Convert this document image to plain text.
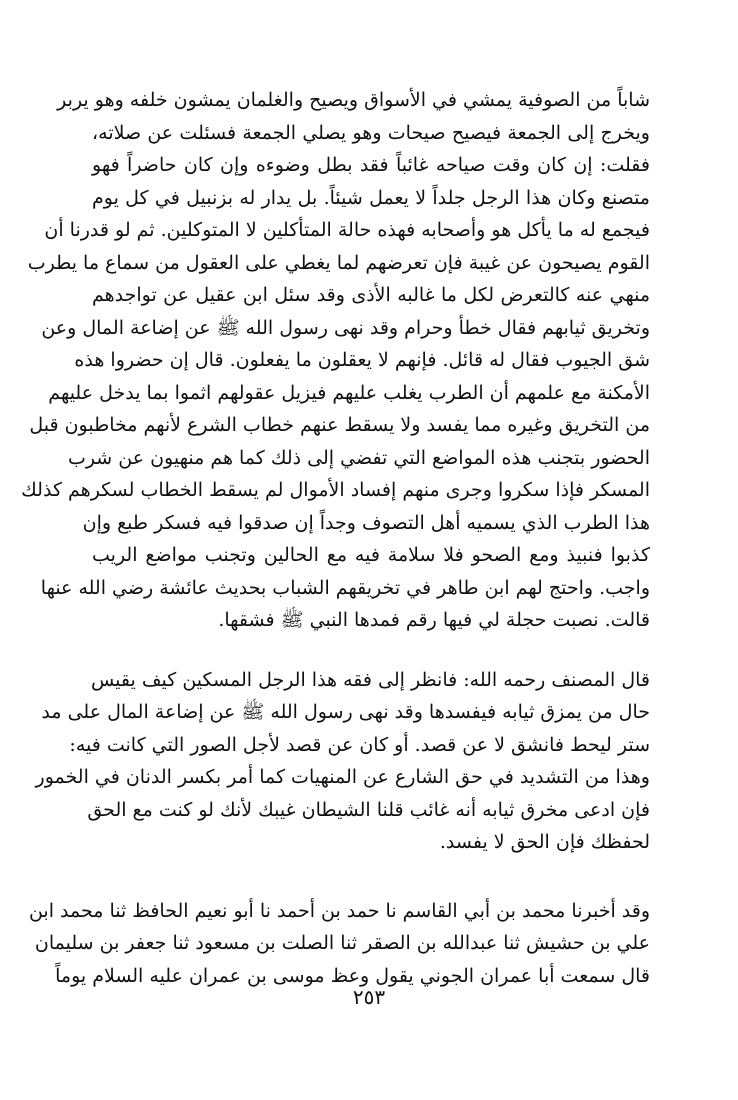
شاباً من الصوفية يمشي في الأسواق ويصيح والغلمان يمشون خلفه وهو يربر
ويخرج إلى الجمعة فيصيح صيحات وهو يصلي الجمعة فسئلت عن صلاته،
فقلت: إن كان وقت صياحه غائباً فقد بطل وضوءه وإن كان حاضراً فهو
متصنع وكان هذا الرجل جلداً لا يعمل شيئاً. بل يدار له بزنبيل في كل يوم
فيجمع له ما يأكل هو وأصحابه فهذه حالة المتأكلين لا المتوكلين. ثم لو قدرنا أن
القوم يصيحون عن غيبة فإن تعرضهم لما يغطي على العقول من سماع ما يطرب
منهي عنه كالتعرض لكل ما غالبه الأذى وقد سئل ابن عقيل عن تواجدهم
وتخريق ثيابهم فقال خطأ وحرام وقد نهى رسول الله ﷺ عن إضاعة المال وعن
شق الجيوب فقال له قائل. فإنهم لا يعقلون ما يفعلون. قال إن حضروا هذه
الأمكنة مع علمهم أن الطرب يغلب عليهم فيزيل عقولهم اثموا بما يدخل عليهم
من التخريق وغيره مما يفسد ولا يسقط عنهم خطاب الشرع لأنهم مخاطبون قبل
الحضور بتجنب هذه المواضع التي تفضي إلى ذلك كما هم منهيون عن شرب
المسكر فإذا سكروا وجرى منهم إفساد الأموال لم يسقط الخطاب لسكرهم كذلك
هذا الطرب الذي يسميه أهل التصوف وجداً إن صدقوا فيه فسكر طبع وإن
كذبوا فنبيذ ومع الصحو فلا سلامة فيه مع الحالين وتجنب مواضع الريب
واجب. واحتج لهم ابن طاهر في تخريقهم الشباب بحديث عائشة رضي الله عنها
قالت. نصبت حجلة لي فيها رقم فمدها النبي ﷺ فشقها.
قال المصنف رحمه الله: فانظر إلى فقه هذا الرجل المسكين كيف يقيس
حال من يمزق ثيابه فيفسدها وقد نهى رسول الله ﷺ عن إضاعة المال على مد
ستر ليحط فانشق لا عن قصد. أو كان عن قصد لأجل الصور التي كانت فيه:
وهذا من التشديد في حق الشارع عن المنهيات كما أمر بكسر الدنان في الخمور
فإن ادعى مخرق ثيابه أنه غائب قلنا الشيطان غيبك لأنك لو كنت مع الحق
لحفظك فإن الحق لا يفسد.
وقد أخبرنا محمد بن أبي القاسم نا حمد بن أحمد نا أبو نعيم الحافظ ثنا محمد ابن
علي بن حشيش ثنا عبدالله بن الصقر ثنا الصلت بن مسعود ثنا جعفر بن سليمان
قال سمعت أبا عمران الجوني يقول وعظ موسى بن عمران عليه السلام يوماً
٢٥٣
